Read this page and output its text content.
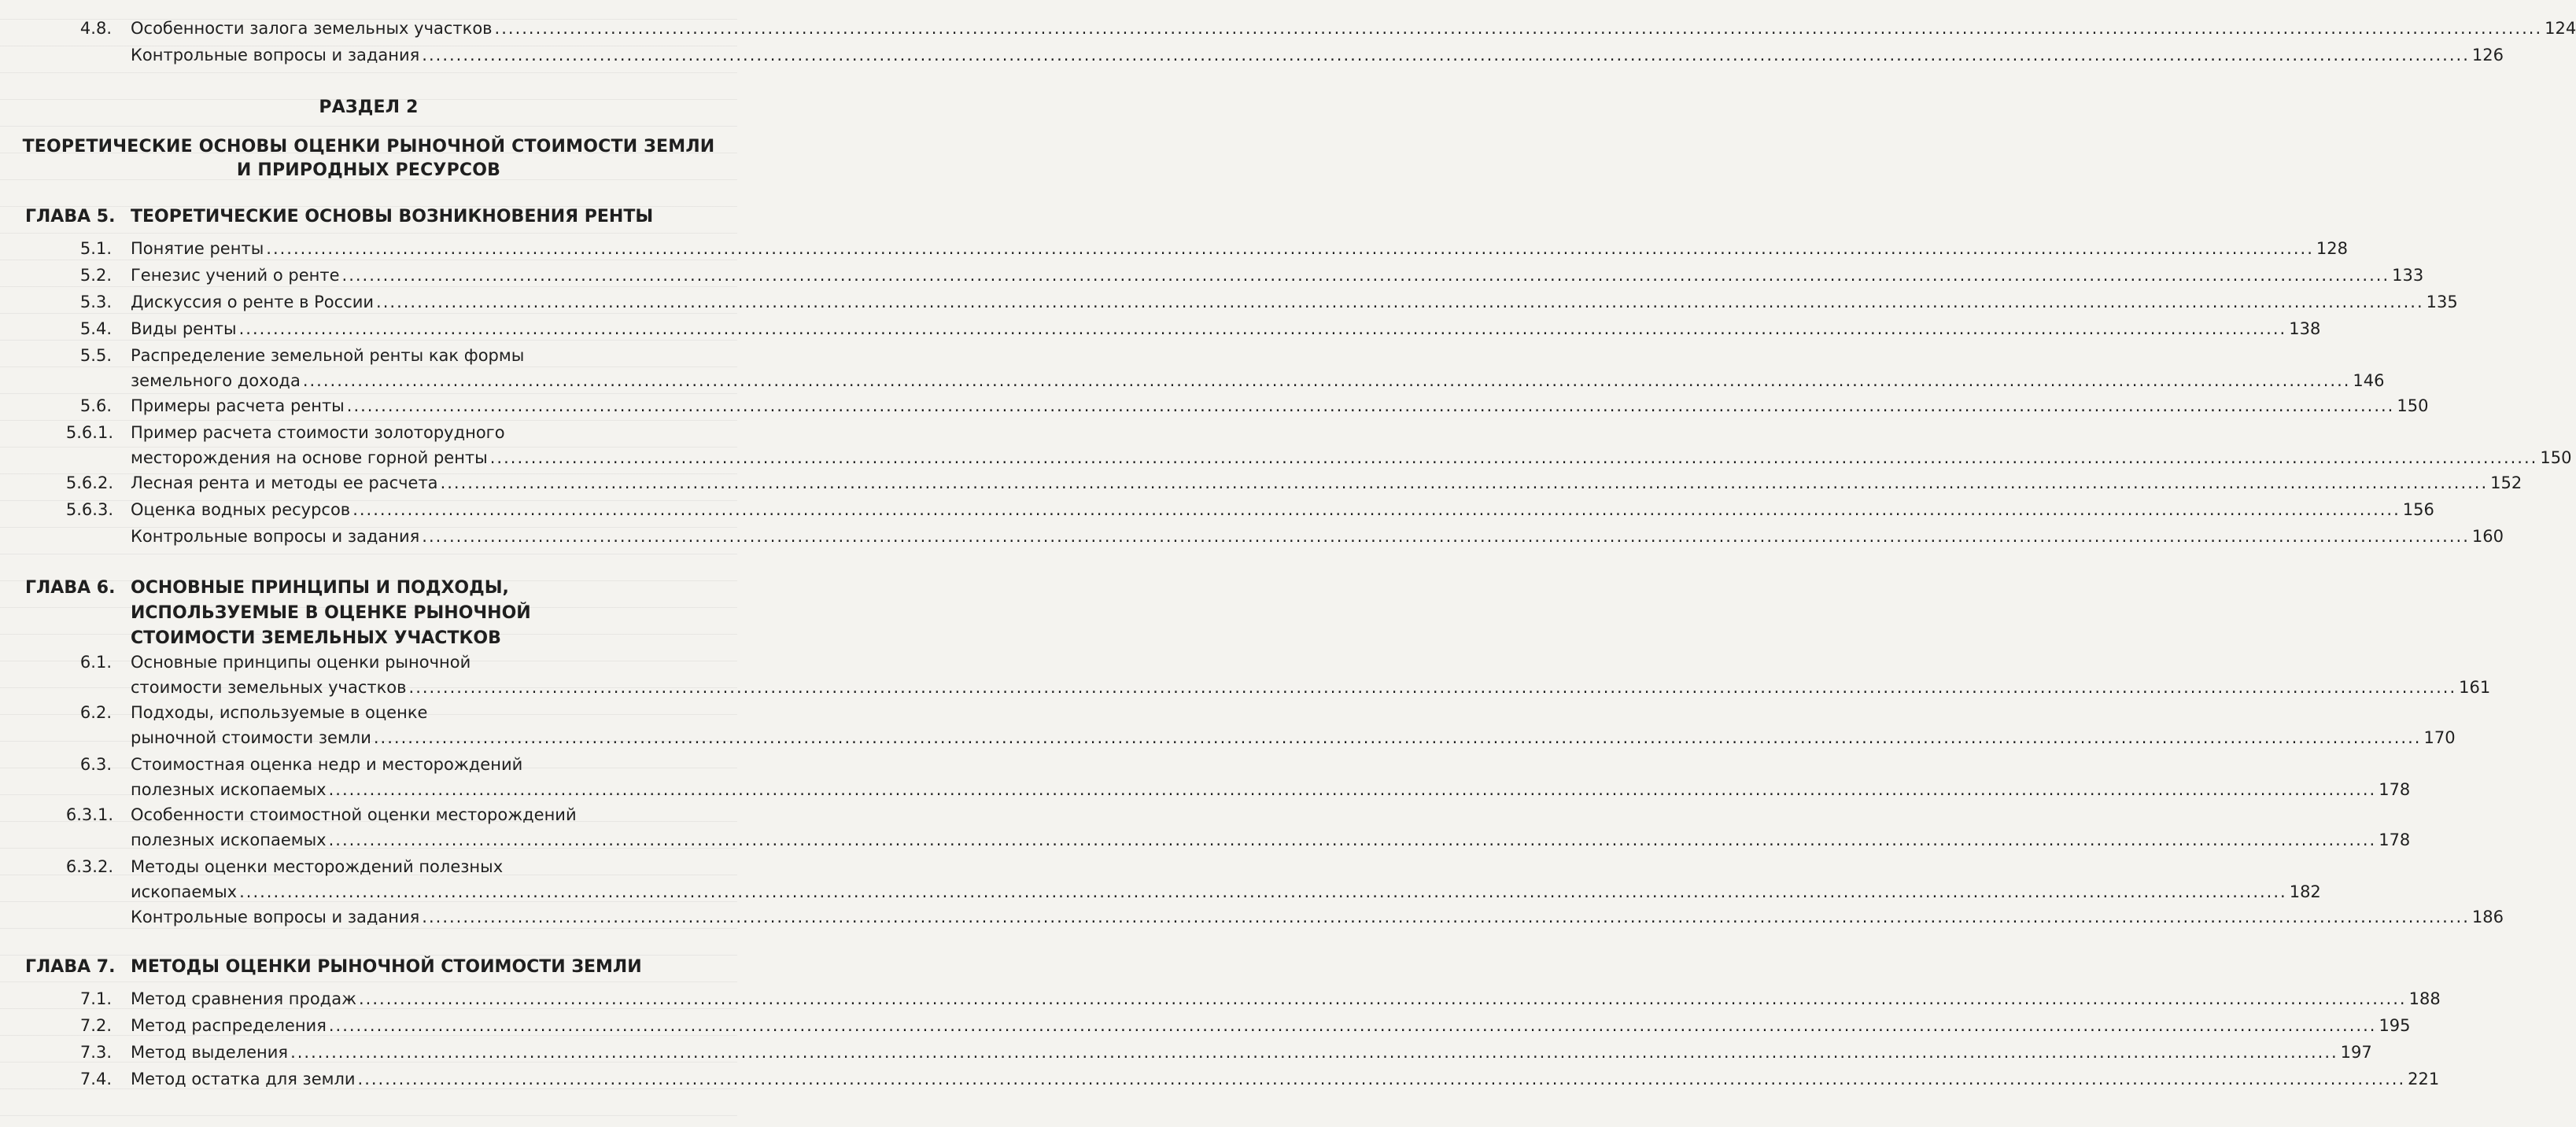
РАЗДЕЛ 2
ТЕОРЕТИЧЕСКИЕ ОСНОВЫ ОЦЕНКИ РЫНОЧНОЙ СТОИМОСТИ ЗЕМЛИ
И ПРИРОДНЫХ РЕСУРСОВ
ГЛАВА 5. ТЕОРЕТИЧЕСКИЕ ОСНОВЫ ВОЗНИКНОВЕНИЯ РЕНТЫ
ГЛАВА 6. ОСНОВНЫЕ ПРИНЦИПЫ И ПОДХОДЫ,
ИСПОЛЬЗУЕМЫЕ В ОЦЕНКЕ РЫНОЧНОЙ
СТОИМОСТИ ЗЕМЕЛЬНЫХ УЧАСТКОВ
ГЛАВА 7. МЕТОДЫ ОЦЕНКИ РЫНОЧНОЙ СТОИМОСТИ ЗЕМЛИ
4.8. Особенности залога земельных участков ............................................................................................................................................................................................................................................................................................................ 124
Контрольные вопросы и задания ............................................................................................................................................................................................................................................................................................................ 126
5.1. Понятие ренты ............................................................................................................................................................................................................................................................................................................ 128
5.2. Генезис учений о ренте ............................................................................................................................................................................................................................................................................................................ 133
5.3. Дискуссия о ренте в России ............................................................................................................................................................................................................................................................................................................ 135
5.4. Виды ренты ............................................................................................................................................................................................................................................................................................................ 138
5.5. Распределение земельной ренты как формы
земельного дохода ............................................................................................................................................................................................................................................................................................................ 146
5.6. Примеры расчета ренты ............................................................................................................................................................................................................................................................................................................ 150
5.6.1. Пример расчета стоимости золоторудного
месторождения на основе горной ренты ............................................................................................................................................................................................................................................................................................................ 150
5.6.2. Лесная рента и методы ее расчета ............................................................................................................................................................................................................................................................................................................ 152
5.6.3. Оценка водных ресурсов ............................................................................................................................................................................................................................................................................................................ 156
Контрольные вопросы и задания ............................................................................................................................................................................................................................................................................................................ 160
6.1. Основные принципы оценки рыночной
стоимости земельных участков ............................................................................................................................................................................................................................................................................................................ 161
6.2. Подходы, используемые в оценке
рыночной стоимости земли ............................................................................................................................................................................................................................................................................................................ 170
6.3. Стоимостная оценка недр и месторождений
полезных ископаемых ............................................................................................................................................................................................................................................................................................................ 178
6.3.1. Особенности стоимостной оценки месторождений
полезных ископаемых ............................................................................................................................................................................................................................................................................................................ 178
6.3.2. Методы оценки месторождений полезных
ископаемых ............................................................................................................................................................................................................................................................................................................ 182
Контрольные вопросы и задания ............................................................................................................................................................................................................................................................................................................ 186
7.1. Метод сравнения продаж ............................................................................................................................................................................................................................................................................................................ 188
7.2. Метод распределения ............................................................................................................................................................................................................................................................................................................ 195
7.3. Метод выделения ............................................................................................................................................................................................................................................................................................................ 197
7.4. Метод остатка для земли ............................................................................................................................................................................................................................................................................................................ 221
